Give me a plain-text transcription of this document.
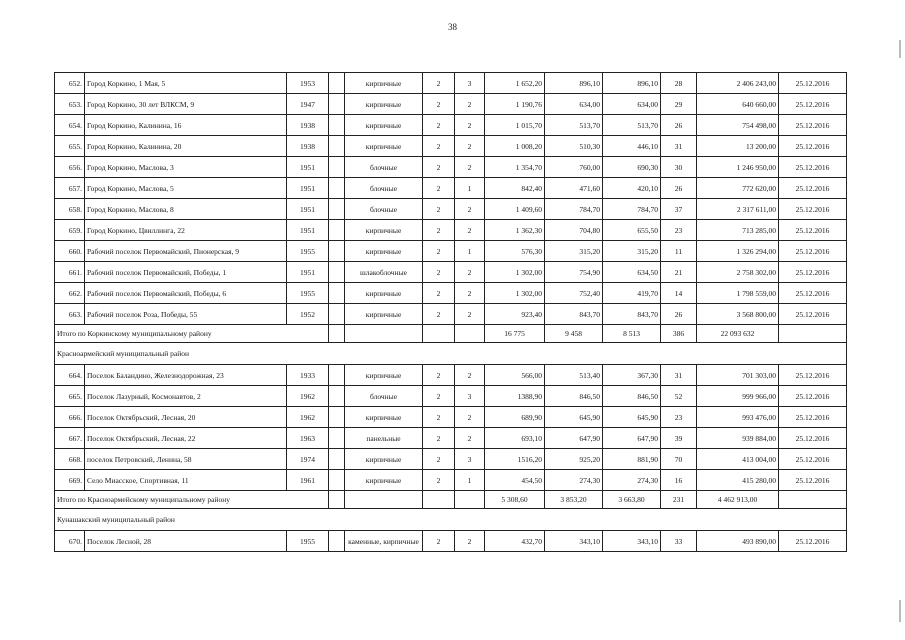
38
652.	Город Коркино, 1 Мая, 5	1953		кирпичные	2	3	1 652,20	896,10	896,10	28	2 406 243,00	25.12.2016
653.	Город Коркино, 30 лет ВЛКСМ, 9	1947		кирпичные	2	2	1 190,76	634,00	634,00	29	640 660,00	25.12.2016
654.	Город Коркино, Калинина, 16	1938		кирпичные	2	2	1 015,70	513,70	513,70	26	754 498,00	25.12.2016
655.	Город Коркино, Калинина, 20	1938		кирпичные	2	2	1 008,20	510,30	446,10	31	13 200,00	25.12.2016
656.	Город Коркино, Маслова, 3	1951		блочные	2	2	1 354,70	760,00	690,30	30	1 246 950,00	25.12.2016
657.	Город Коркино, Маслова, 5	1951		блочные	2	1	842,40	471,60	420,10	26	772 620,00	25.12.2016
658.	Город Коркино, Маслова, 8	1951		блочные	2	2	1 409,60	784,70	784,70	37	2 317 611,00	25.12.2016
659.	Город Коркино, Цвиллинга, 22	1951		кирпичные	2	2	1 362,30	704,80	655,50	23	713 285,00	25.12.2016
660.	Рабочий поселок Первомайский, Пионерская, 9	1955		кирпичные	2	1	576,30	315,20	315,20	11	1 326 294,00	25.12.2016
661.	Рабочий поселок Первомайский, Победы, 1	1951		шлакоблочные	2	2	1 302,00	754,90	634,50	21	2 758 302,00	25.12.2016
662.	Рабочий поселок Первомайский, Победы, 6	1955		кирпичные	2	2	1 302,00	752,40	419,70	14	1 798 559,00	25.12.2016
663.	Рабочий поселок Роза, Победы, 55	1952		кирпичные	2	2	923,40	843,70	843,70	26	3 568 800,00	25.12.2016
Итого по Коркинскому муниципальному району							16 775	9 458	8 513	386	22 093 632	
Красноармейский муниципальный район												
664.	Поселок Баландино, Железнодорожная, 23	1933		кирпичные	2	2	566,00	513,40	367,30	31	701 303,00	25.12.2016
665.	Поселок Лазурный, Космонавтов, 2	1962		блочные	2	3	1388,90	846,50	846,50	52	999 966,00	25.12.2016
666.	Поселок Октябрьский, Лесная, 20	1962		кирпичные	2	2	689,90	645,90	645,90	23	993 476,00	25.12.2016
667.	Поселок Октябрьский, Лесная, 22	1963		панельные	2	2	693,10	647,90	647,90	39	939 884,00	25.12.2016
668.	поселок Петровский, Ленина, 58	1974		кирпичные	2	3	1516,20	925,20	881,90	70	413 004,00	25.12.2016
669.	Село Миасское, Спортивная, 11	1961		кирпичные	2	1	454,50	274,30	274,30	16	415 280,00	25.12.2016
Итого по Красноармейскому муниципальному району							5 308,60	3 853,20	3 663,80	231	4 462 913,00	
Кунашакский муниципальный район												
670.	Поселок Лесной, 28	1955		каменные, кирпичные	2	2	432,70	343,10	343,10	33	493 890,00	25.12.2016
